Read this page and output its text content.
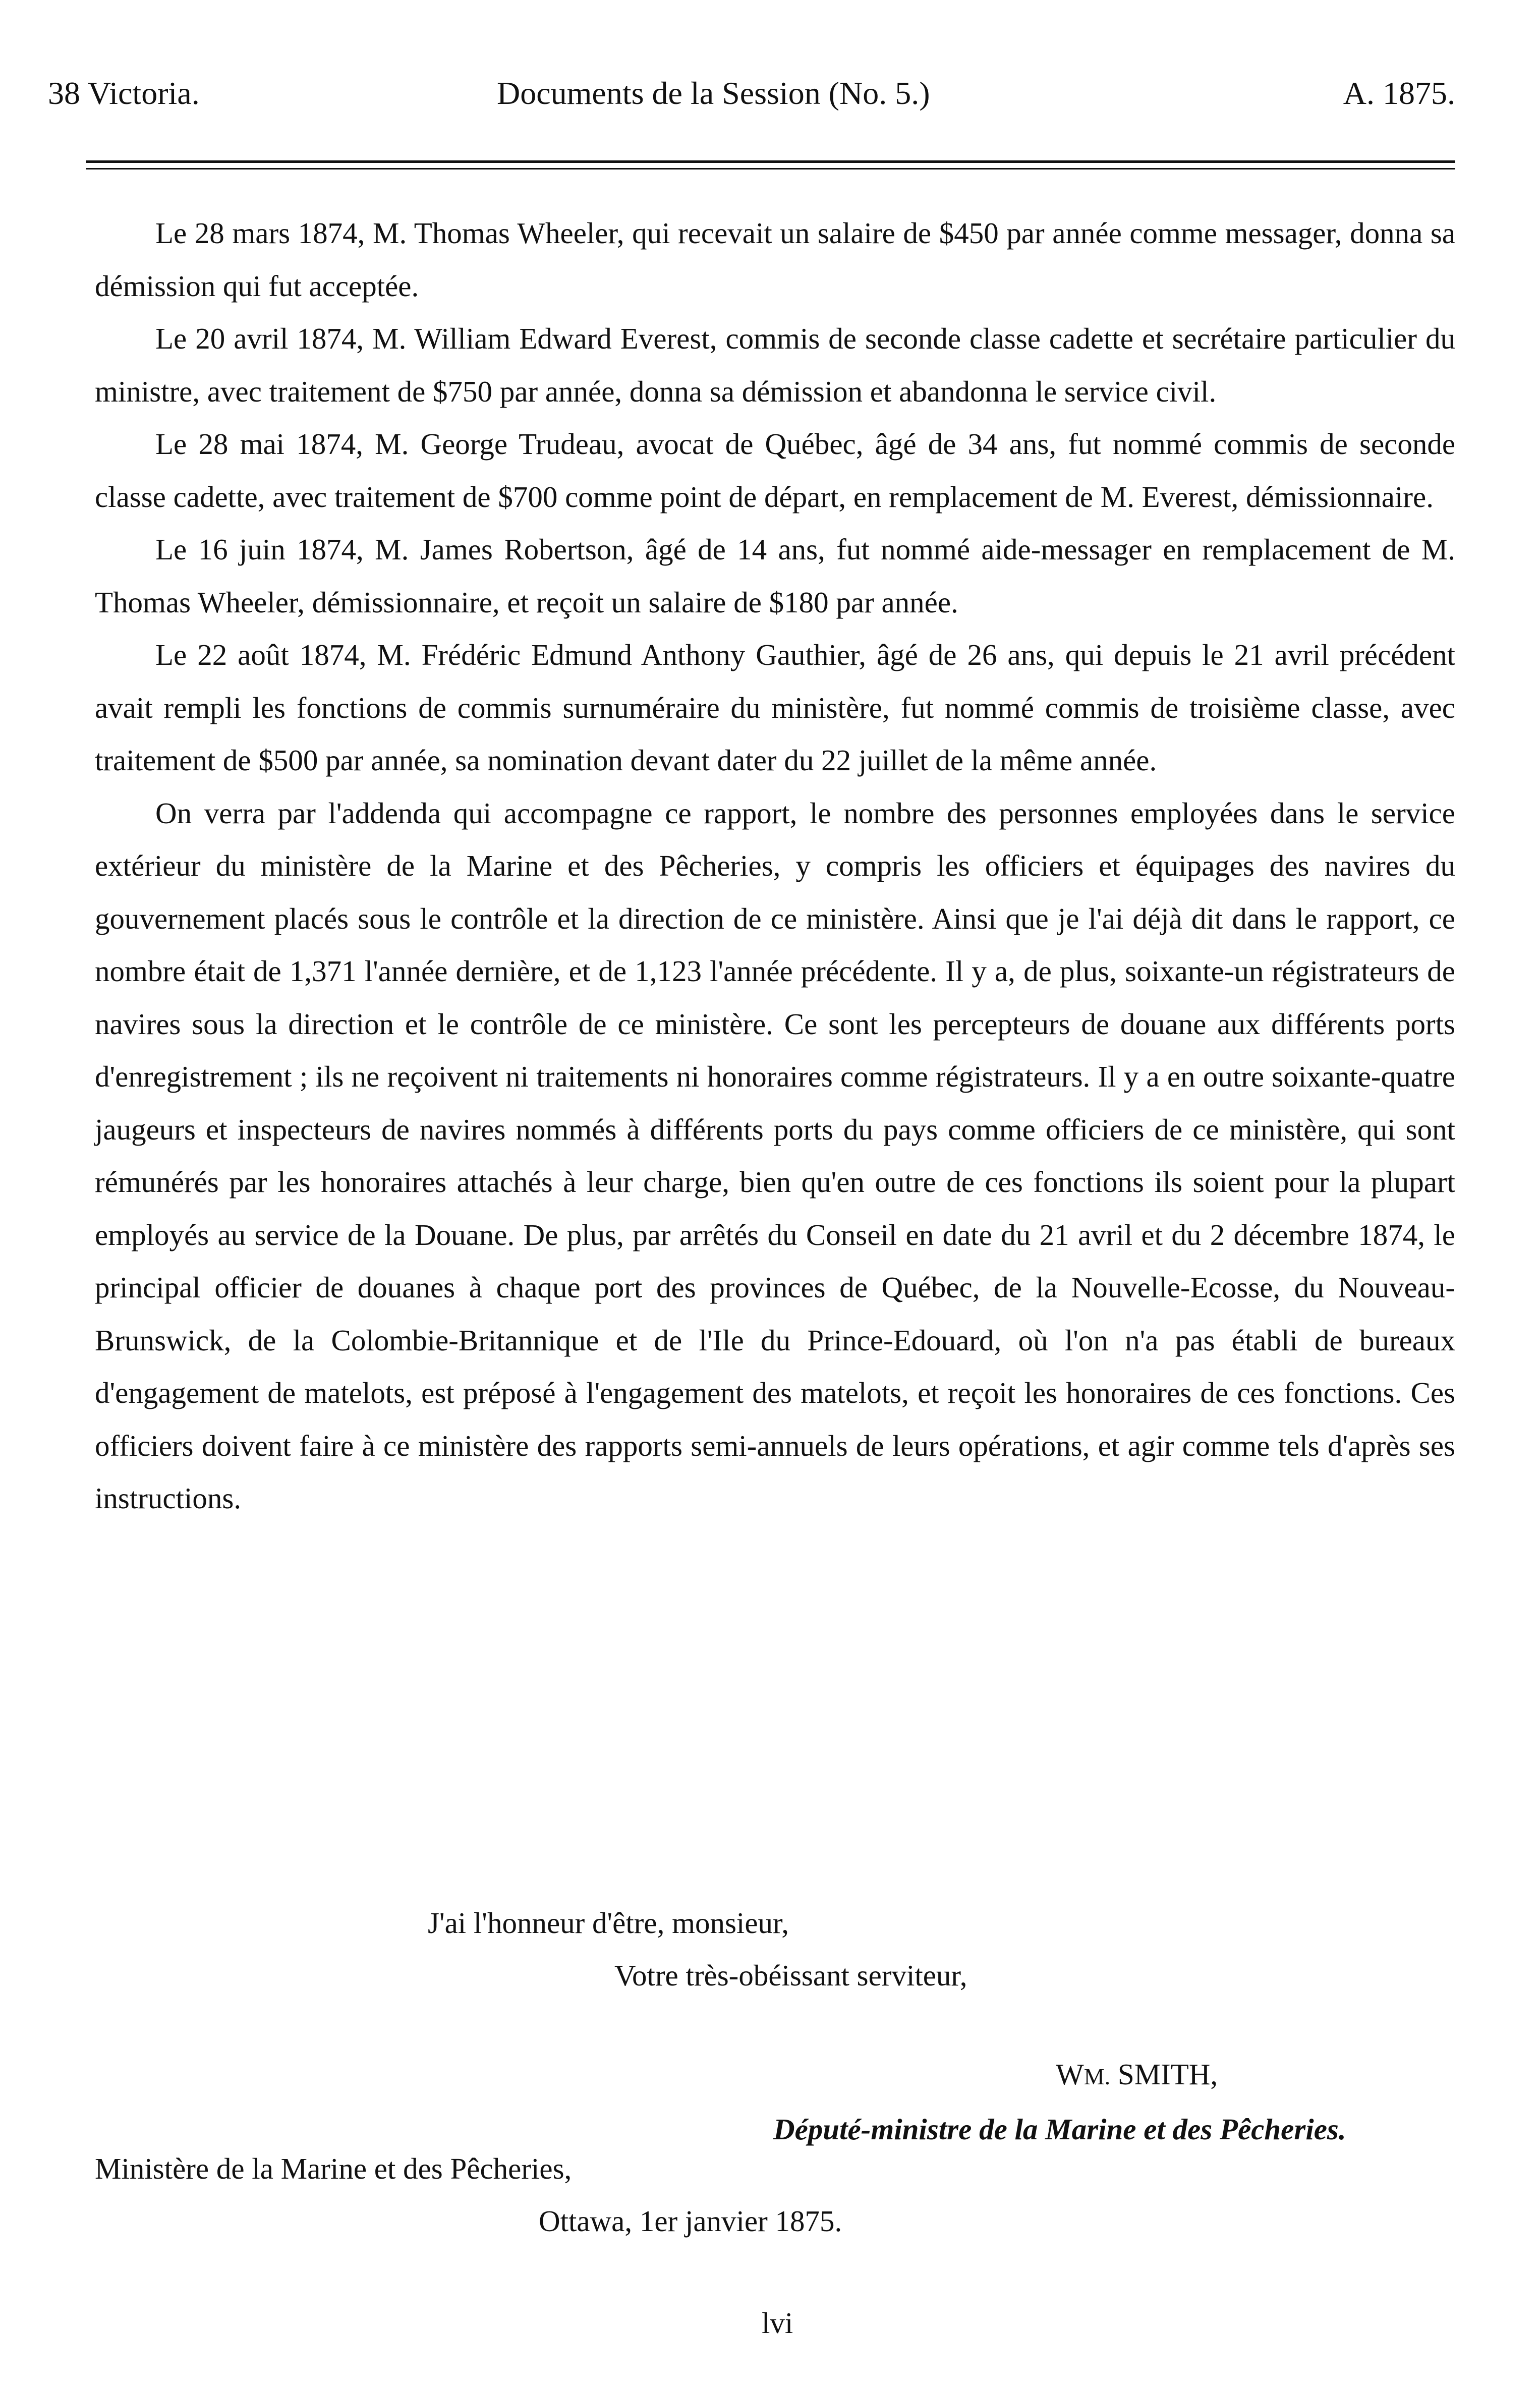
38 Victoria.	Documents de la Session (No. 5.)	A. 1875.

Le 28 mars 1874, M. Thomas Wheeler, qui recevait un salaire de $450 par année comme messager, donna sa démission qui fut acceptée.

Le 20 avril 1874, M. William Edward Everest, commis de seconde classe cadette et secrétaire particulier du ministre, avec traitement de $750 par année, donna sa démission et abandonna le service civil.

Le 28 mai 1874, M. George Trudeau, avocat de Québec, âgé de 34 ans, fut nommé commis de seconde classe cadette, avec traitement de $700 comme point de départ, en remplacement de M. Everest, démissionnaire.

Le 16 juin 1874, M. James Robertson, âgé de 14 ans, fut nommé aide-messager en remplacement de M. Thomas Wheeler, démissionnaire, et reçoit un salaire de $180 par année.

Le 22 août 1874, M. Frédéric Edmund Anthony Gauthier, âgé de 26 ans, qui depuis le 21 avril précédent avait rempli les fonctions de commis surnuméraire du ministère, fut nommé commis de troisième classe, avec traitement de $500 par année, sa nomination devant dater du 22 juillet de la même année.

On verra par l'addenda qui accompagne ce rapport, le nombre des personnes employées dans le service extérieur du ministère de la Marine et des Pêcheries, y compris les officiers et équipages des navires du gouvernement placés sous le contrôle et la direction de ce ministère. Ainsi que je l'ai déjà dit dans le rapport, ce nombre était de 1,371 l'année dernière, et de 1,123 l'année précédente. Il y a, de plus, soixante-un régistrateurs de navires sous la direction et le contrôle de ce ministère. Ce sont les percepteurs de douane aux différents ports d'enregistrement ; ils ne reçoivent ni traitements ni honoraires comme régistrateurs. Il y a en outre soixante-quatre jaugeurs et inspecteurs de navires nommés à différents ports du pays comme officiers de ce ministère, qui sont rémunérés par les honoraires attachés à leur charge, bien qu'en outre de ces fonctions ils soient pour la plupart employés au service de la Douane. De plus, par arrêtés du Conseil en date du 21 avril et du 2 décembre 1874, le principal officier de douanes à chaque port des provinces de Québec, de la Nouvelle-Ecosse, du Nouveau-Brunswick, de la Colombie-Britannique et de l'Ile du Prince-Edouard, où l'on n'a pas établi de bureaux d'engagement de matelots, est préposé à l'engagement des matelots, et reçoit les honoraires de ces fonctions. Ces officiers doivent faire à ce ministère des rapports semi-annuels de leurs opérations, et agir comme tels d'après ses instructions.

J'ai l'honneur d'être, monsieur,
Votre très-obéissant serviteur,
WM. SMITH,
Député-ministre de la Marine et des Pêcheries.
Ministère de la Marine et des Pêcheries,
Ottawa, 1er janvier 1875.
lvi
